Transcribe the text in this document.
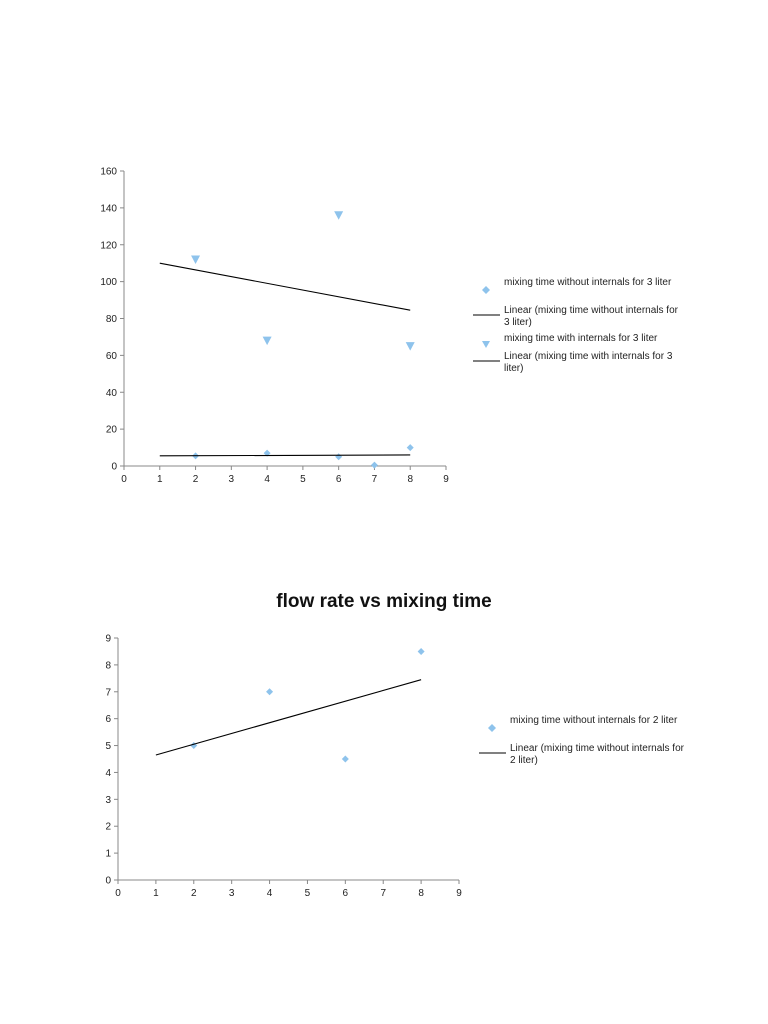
0
20
40
60
80
100
120
140
160
0	1	2	3	4	5	6	7	8	9
mixing time without internals for 3 liter
Linear (mixing time without internals for 3 liter)
mixing time with internals for 3 liter
Linear (mixing time with internals for 3 liter)
flow rate vs mixing time
0
1
2
3
4
5
6
7
8
9
0	1	2	3	4	5	6	7	8	9
mixing time without internals for 2 liter
Linear (mixing time without internals for 2 liter)
